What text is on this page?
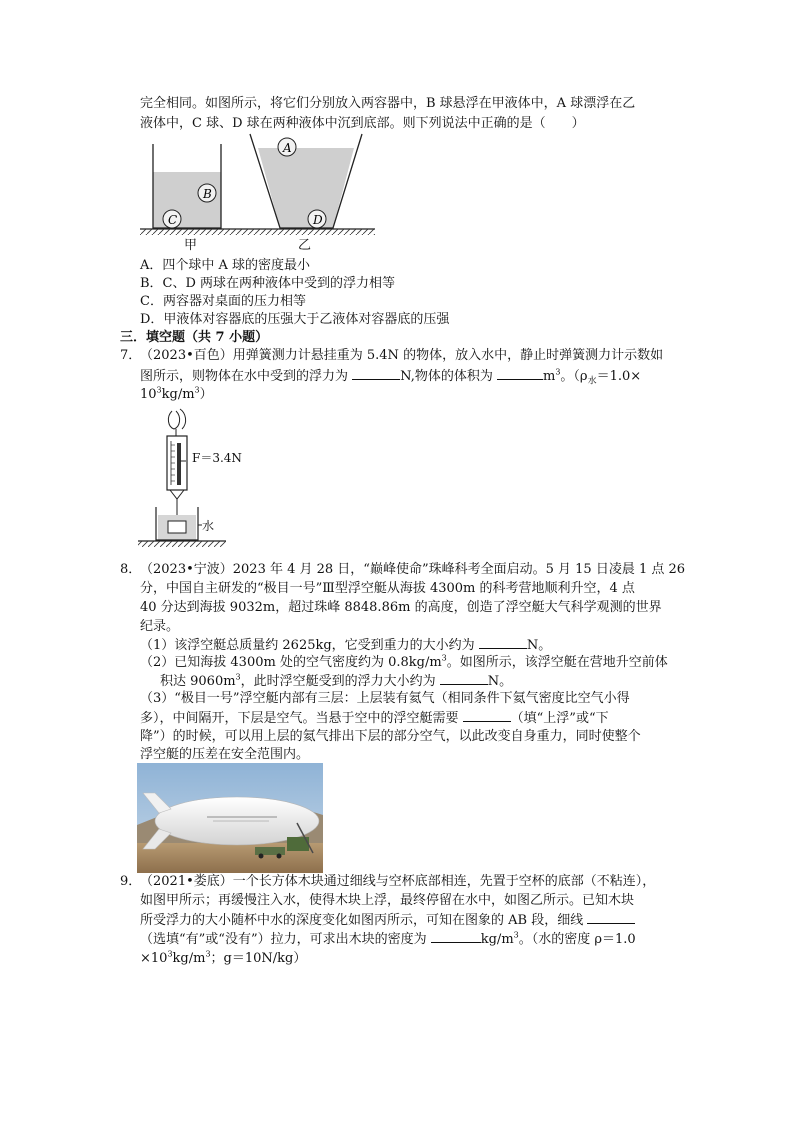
完全相同。如图所示，将它们分别放入两容器中，B 球悬浮在甲液体中，A 球漂浮在乙
液体中，C 球、D 球在两种液体中沉到底部。则下列说法中正确的是（　　）
B
C
A
D
甲	乙
A．四个球中 A 球的密度最小
B．C、D 两球在两种液体中受到的浮力相等
C．两容器对桌面的压力相等
D．甲液体对容器底的压强大于乙液体对容器底的压强
三．填空题（共 7 小题）
7．
（2023•百色）用弹簧测力计悬挂重为 5.4N 的物体，放入水中，静止时弹簧测力计示数如
图所示，则物体在水中受到的浮力为	N,物体的体积为	$m^3$。（$\rho_水=1.0\times$
$10^3kg/m^3$）
F＝3.4N
水
8．
（2023•宁波）2023 年 4 月 28 日，“巅峰使命”珠峰科考全面启动。5 月 15 日凌晨 1 点 26
分，中国自主研发的“极目一号”Ⅲ型浮空艇从海拔 4300m 的科考营地顺利升空，4 点
40 分达到海拔 9032m，超过珠峰 8848.86m 的高度，创造了浮空艇大气科学观测的世界
纪录。
（1）该浮空艇总质量约 2625kg，它受到重力的大小约为	N。
（2）已知海拔 4300m 处的空气密度约为 $0.8kg/m^3$。如图所示，该浮空艇在营地升空前体
积达 $9060m^3$，此时浮空艇受到的浮力大小约为	N。
（3）“极目一号”浮空艇内部有三层：上层装有氦气（相同条件下氦气密度比空气小得
多），中间隔开，下层是空气。当悬于空中的浮空艇需要	（填“上浮”或“下
降”）的时候，可以用上层的氦气排出下层的部分空气，以此改变自身重力，同时使整个
浮空艇的压差在安全范围内。
9．
（2021•娄底）一个长方体木块通过细线与空杯底部相连，先置于空杯的底部（不粘连），
如图甲所示；再缓慢注入水，使得木块上浮，最终停留在水中，如图乙所示。已知木块
所受浮力的大小随杯中水的深度变化如图丙所示，可知在图象的 AB 段，细线
（选填“有”或“没有”）拉力，可求出木块的密度为	$kg/m^3$。（水的密度 ρ＝1.0
$\times 10^3kg/m^3$；g＝10N/kg）
